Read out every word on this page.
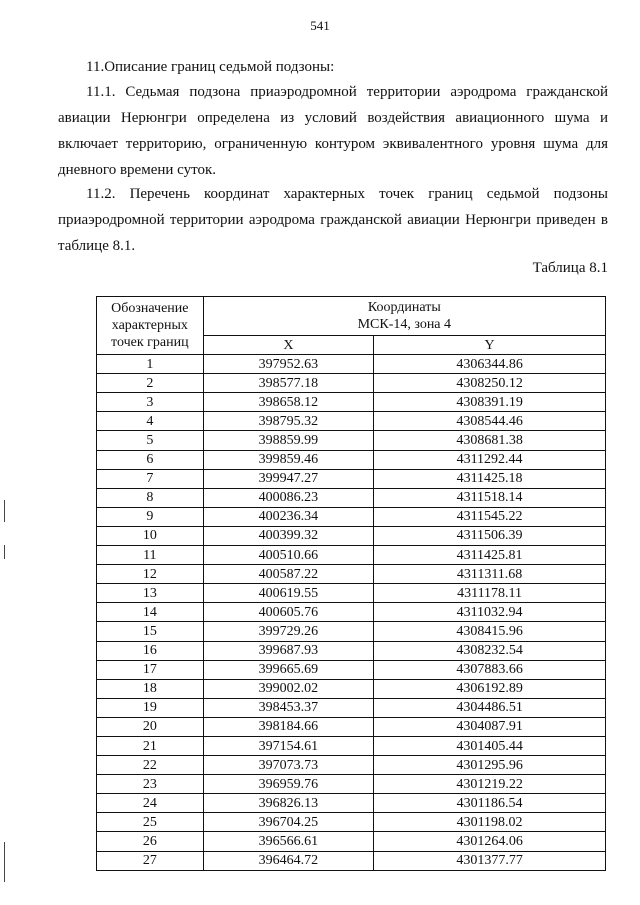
541
11.Описание границ седьмой подзоны:
11.1. Седьмая подзона приаэродромной территории аэродрома гражданской авиации Нерюнгри определена из условий воздействия авиационного шума и включает территорию, ограниченную контуром эквивалентного уровня шума для дневного времени суток.
11.2. Перечень координат характерных точек границ седьмой подзоны приаэродромной территории аэродрома гражданской авиации Нерюнгри приведен в таблице 8.1.
Таблица 8.1
Обозначение характерных точек границ	Координаты
МСК-14, зона 4	
	X	Y
1	397952.63	4306344.86
2	398577.18	4308250.12
3	398658.12	4308391.19
4	398795.32	4308544.46
5	398859.99	4308681.38
6	399859.46	4311292.44
7	399947.27	4311425.18
8	400086.23	4311518.14
9	400236.34	4311545.22
10	400399.32	4311506.39
11	400510.66	4311425.81
12	400587.22	4311311.68
13	400619.55	4311178.11
14	400605.76	4311032.94
15	399729.26	4308415.96
16	399687.93	4308232.54
17	399665.69	4307883.66
18	399002.02	4306192.89
19	398453.37	4304486.51
20	398184.66	4304087.91
21	397154.61	4301405.44
22	397073.73	4301295.96
23	396959.76	4301219.22
24	396826.13	4301186.54
25	396704.25	4301198.02
26	396566.61	4301264.06
27	396464.72	4301377.77
